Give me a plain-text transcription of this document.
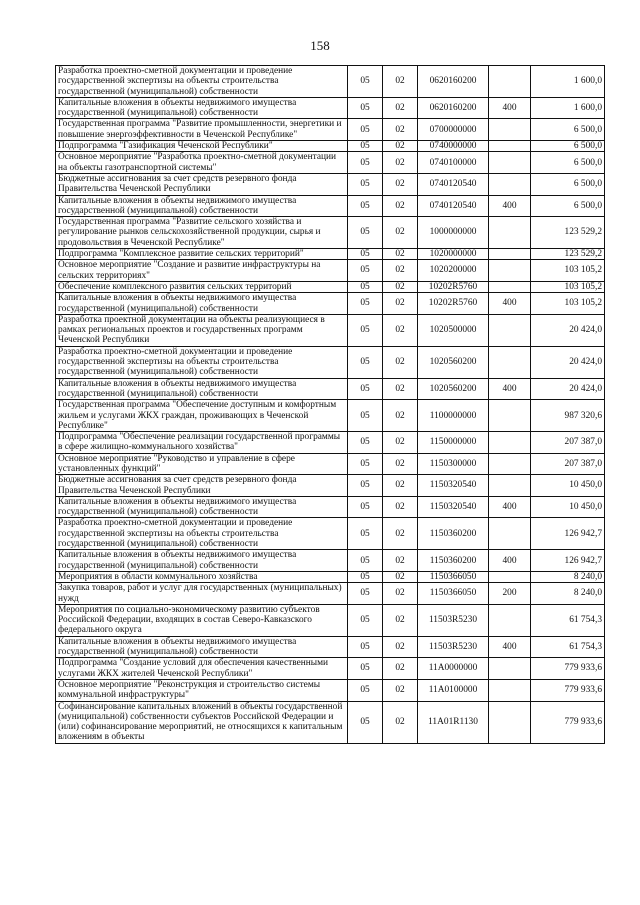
158
Разработка проектно-сметной документации и проведение государственной экспертизы на объекты строительства государственной (муниципальной) собственности	05	02	0620160200		1 600,0
Капитальные вложения в объекты недвижимого имущества государственной (муниципальной) собственности	05	02	0620160200	400	1 600,0
Государственная программа "Развитие промышленности, энергетики и повышение энергоэффективности в Чеченской Республике"	05	02	0700000000		6 500,0
Подпрограмма "Газификация Чеченской Республики"	05	02	0740000000		6 500,0
Основное мероприятие "Разработка проектно-сметной документации на объекты газотранспортной системы"	05	02	0740100000		6 500,0
Бюджетные ассигнования за счет средств резервного фонда Правительства Чеченской Республики	05	02	0740120540		6 500,0
Капитальные вложения в объекты недвижимого имущества государственной (муниципальной) собственности	05	02	0740120540	400	6 500,0
Государственная программа "Развитие сельского хозяйства и регулирование рынков сельскохозяйственной продукции, сырья и продовольствия в Чеченской Республике"	05	02	1000000000		123 529,2
Подпрограмма "Комплексное развитие сельских территорий"	05	02	1020000000		123 529,2
Основное мероприятие "Создание и развитие инфраструктуры на сельских территориях"	05	02	1020200000		103 105,2
Обеспечение комплексного развития сельских территорий	05	02	10202R5760		103 105,2
Капитальные вложения в объекты недвижимого имущества государственной (муниципальной) собственности	05	02	10202R5760	400	103 105,2
Разработка проектной документации на объекты реализующиеся в рамках региональных проектов и государственных программ Чеченской Республики	05	02	1020500000		20 424,0
Разработка проектно-сметной документации и проведение государственной экспертизы на объекты строительства государственной (муниципальной) собственности	05	02	1020560200		20 424,0
Капитальные вложения в объекты недвижимого имущества государственной (муниципальной) собственности	05	02	1020560200	400	20 424,0
Государственная программа "Обеспечение доступным и комфортным жильем и услугами ЖКХ граждан, проживающих в Чеченской Республике"	05	02	1100000000		987 320,6
Подпрограмма "Обеспечение реализации государственной программы в сфере жилищно-коммунального хозяйства"	05	02	1150000000		207 387,0
Основное мероприятие "Руководство и управление в сфере установленных функций"	05	02	1150300000		207 387,0
Бюджетные ассигнования за счет средств резервного фонда Правительства Чеченской Республики	05	02	1150320540		10 450,0
Капитальные вложения в объекты недвижимого имущества государственной (муниципальной) собственности	05	02	1150320540	400	10 450,0
Разработка проектно-сметной документации и проведение государственной экспертизы на объекты строительства государственной (муниципальной) собственности	05	02	1150360200		126 942,7
Капитальные вложения в объекты недвижимого имущества государственной (муниципальной) собственности	05	02	1150360200	400	126 942,7
Мероприятия в области коммунального хозяйства	05	02	1150366050		8 240,0
Закупка товаров, работ и услуг для государственных (муниципальных) нужд	05	02	1150366050	200	8 240,0
Мероприятия по социально-экономическому развитию субъектов Российской Федерации, входящих в состав Северо-Кавказского федерального округа	05	02	11503R5230		61 754,3
Капитальные вложения в объекты недвижимого имущества государственной (муниципальной) собственности	05	02	11503R5230	400	61 754,3
Подпрограмма "Создание условий для обеспечения качественными услугами ЖКХ жителей Чеченской Республики"	05	02	11А0000000		779 933,6
Основное мероприятие "Реконструкция и строительство системы коммунальной инфраструктуры"	05	02	11А0100000		779 933,6
Софинансирование капитальных вложений в объекты государственной (муниципальной) собственности субъектов Российской Федерации и (или) софинансирование мероприятий, не относящихся к капитальным вложениям в объекты	05	02	11А01R1130		779 933,6
